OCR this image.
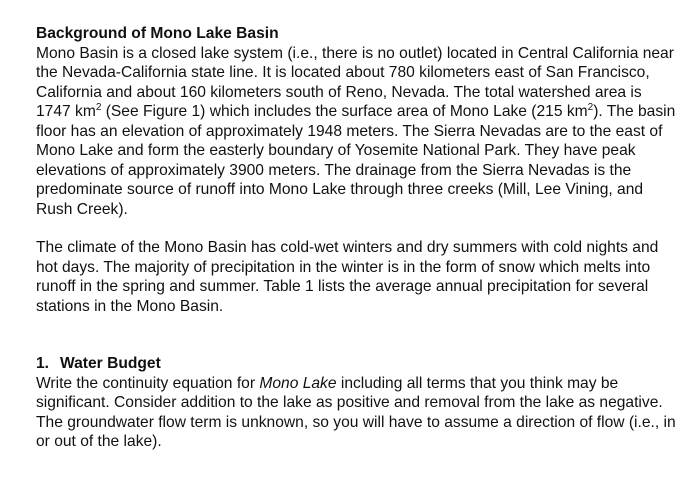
Background of Mono Lake Basin

Mono Basin is a closed lake system (i.e., there is no outlet) located in Central California near the Nevada-California state line. It is located about 780 kilometers east of San Francisco, California and about 160 kilometers south of Reno, Nevada. The total watershed area is 1747 $km^2$ (See Figure 1) which includes the surface area of Mono Lake (215 $km^2$). The basin floor has an elevation of approximately 1948 meters. The Sierra Nevadas are to the east of Mono Lake and form the easterly boundary of Yosemite National Park. They have peak elevations of approximately 3900 meters. The drainage from the Sierra Nevadas is the predominate source of runoff into Mono Lake through three creeks (Mill, Lee Vining, and Rush Creek).

The climate of the Mono Basin has cold-wet winters and dry summers with cold nights and hot days. The majority of precipitation in the winter is in the form of snow which melts into runoff in the spring and summer. Table 1 lists the average annual precipitation for several stations in the Mono Basin.

1. Water Budget

Write the continuity equation for Mono Lake including all terms that you think may be significant. Consider addition to the lake as positive and removal from the lake as negative. The groundwater flow term is unknown, so you will have to assume a direction of flow (i.e., in or out of the lake).
